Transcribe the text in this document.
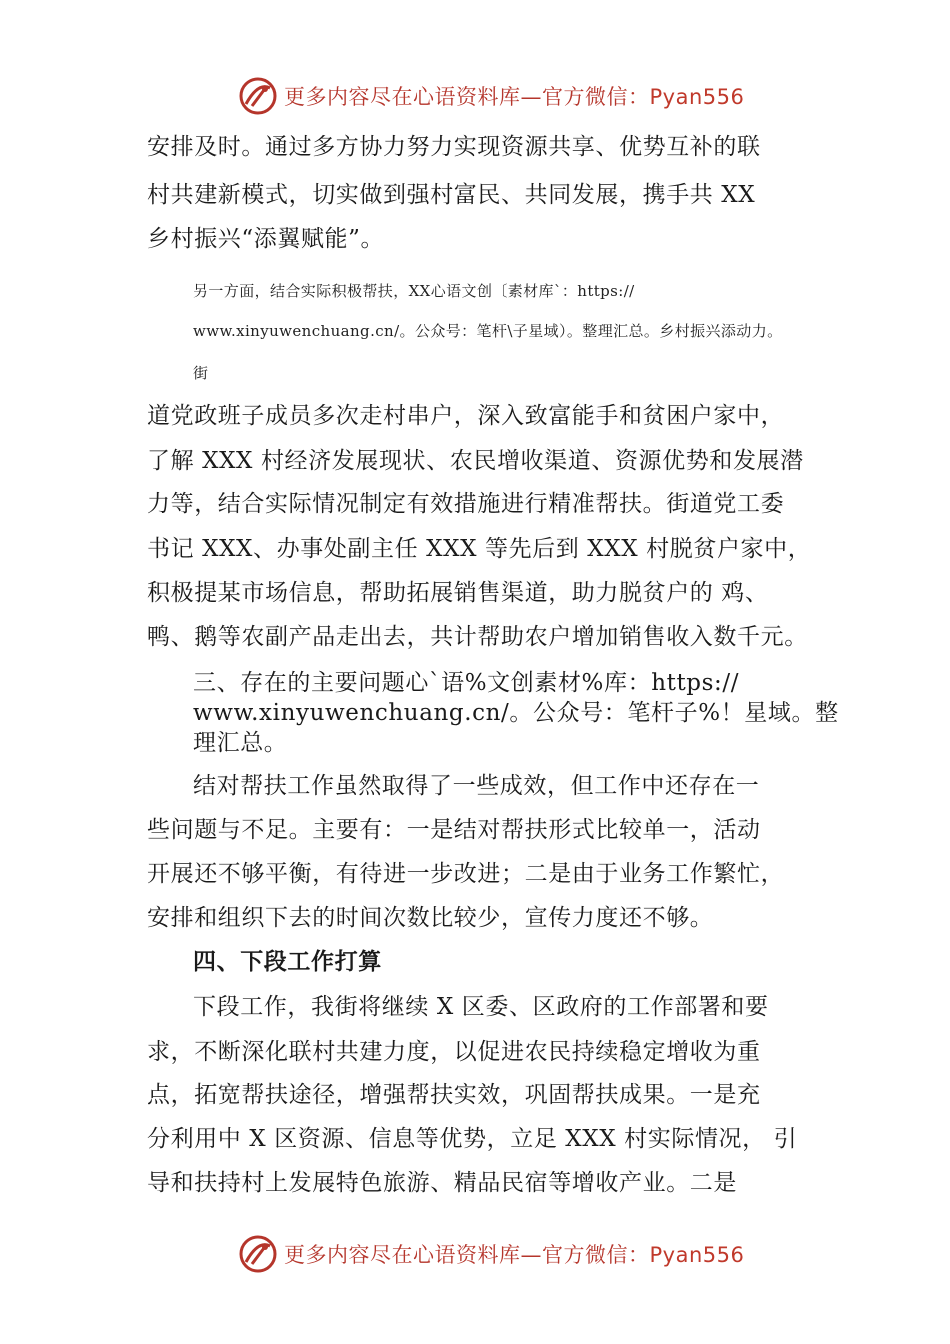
更多内容尽在心语资料库—官方微信：Pyan556
安排及时。通过多方协力努力实现资源共享、优势互补的联
村共建新模式，切实做到强村富民、共同发展，携手共 XX
乡村振兴“添翼赋能”。
另一方面，结合实际积极帮扶，XX心语文创〔素材库`：https://
www.xinyuwenchuang.cn/。公众号：笔杆\子星域）。整理汇总。乡村振兴添动力。
街
道党政班子成员多次走村串户，深入致富能手和贫困户家中，
了解 XXX 村经济发展现状、农民增收渠道、资源优势和发展潜
力等，结合实际情况制定有效措施进行精准帮扶。街道党工委
书记 XXX、办事处副主任 XXX 等先后到 XXX 村脱贫户家中，
积极提某市场信息，帮助拓展销售渠道，助力脱贫户的 鸡、
鸭、鹅等农副产品走出去，共计帮助农户增加销售收入数千元。
三、存在的主要问题心`语%文创素材%库：https://
www.xinyuwenchuang.cn/。公众号：笔杆子%！星域。整
理汇总。
结对帮扶工作虽然取得了一些成效，但工作中还存在一
些问题与不足。主要有：一是结对帮扶形式比较单一，活动
开展还不够平衡，有待进一步改进；二是由于业务工作繁忙，
安排和组织下去的时间次数比较少，宣传力度还不够。
四、下段工作打算
下段工作，我街将继续 X 区委、区政府的工作部署和要
求，不断深化联村共建力度，以促进农民持续稳定增收为重
点，拓宽帮扶途径，增强帮扶实效，巩固帮扶成果。一是充
分利用中 X 区资源、信息等优势，立足 XXX 村实际情况， 引
导和扶持村上发展特色旅游、精品民宿等增收产业。二是
更多内容尽在心语资料库—官方微信：Pyan556
